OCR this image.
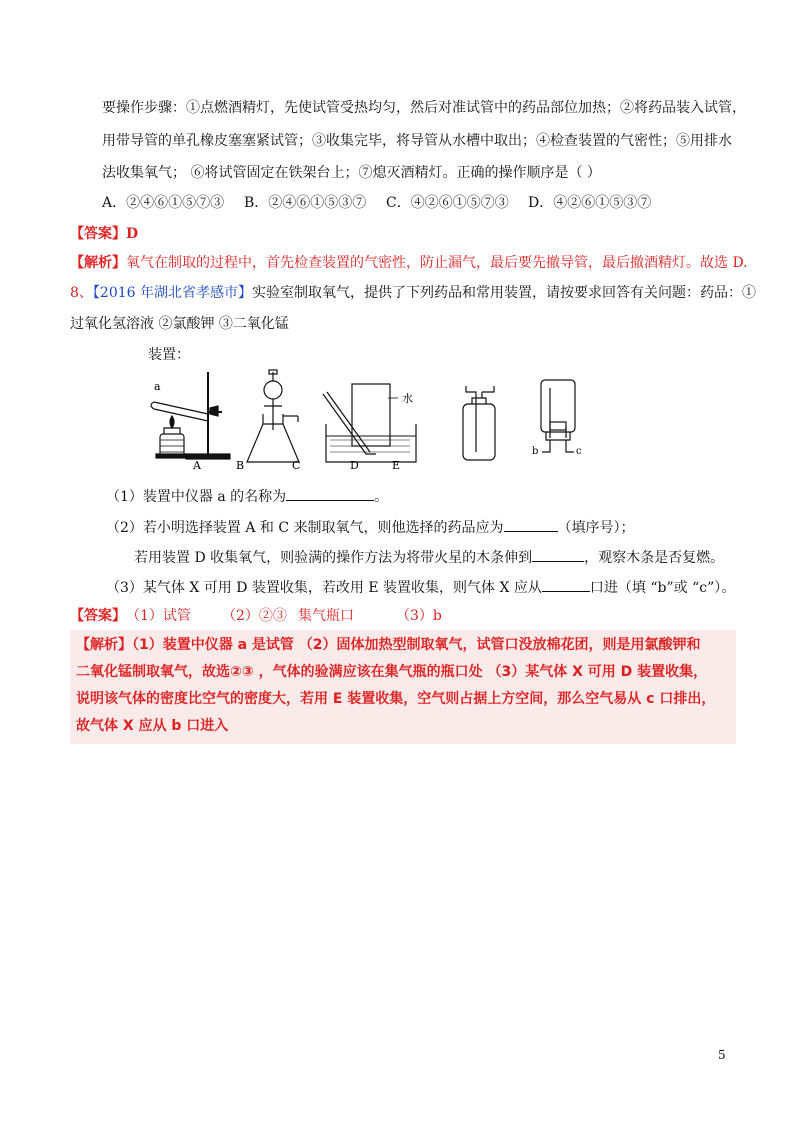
要操作步骤：①点燃酒精灯，先使试管受热均匀，然后对准试管中的药品部位加热；②将药品装入试管，
用带导管的单孔橡皮塞塞紧试管；③收集完毕，将导管从水槽中取出；④检查装置的气密性；⑤用排水
法收集氧气； ⑥将试管固定在铁架台上；⑦熄灭酒精灯。正确的操作顺序是（ ）
A．②④⑥①⑤⑦③ B．②④⑥①⑤③⑦ C．④②⑥①⑤⑦③ D．④②⑥①⑤③⑦
【答案】D
【解析】氧气在制取的过程中，首先检查装置的气密性，防止漏气，最后要先撤导管，最后撤酒精灯。故选 D.
8、【2016 年湖北省孝感市】实验室制取氧气，提供了下列药品和常用装置，请按要求回答有关问题：药品：①
过氧化氢溶液 ②氯酸钾 ③二氧化锰
装置：
a
A	B	C
水
D	E
b	c
（1）装置中仪器 a 的名称为	。
（2）若小明选择装置 A 和 C 来制取氧气，则他选择的药品应为	（填序号）；
若用装置 D 收集氧气，则验满的操作方法为将带火星的木条伸到	，观察木条是否复燃。
（3）某气体 X 可用 D 装置收集，若改用 E 装置收集，则气体 X 应从	口进（填 “b”或 “c”）。
【答案】（1）试管 （2）②③ 集气瓶口	（3）b
【解析】（1）装置中仪器 a 是试管 （2）固体加热型制取氧气，试管口没放棉花团，则是用氯酸钾和
二氧化锰制取氧气，故选②③ ，气体的验满应该在集气瓶的瓶口处 （3）某气体 X 可用 D 装置收集，
说明该气体的密度比空气的密度大，若用 E 装置收集，空气则占据上方空间，那么空气易从 c 口排出，
故气体 X 应从 b 口进入
5
